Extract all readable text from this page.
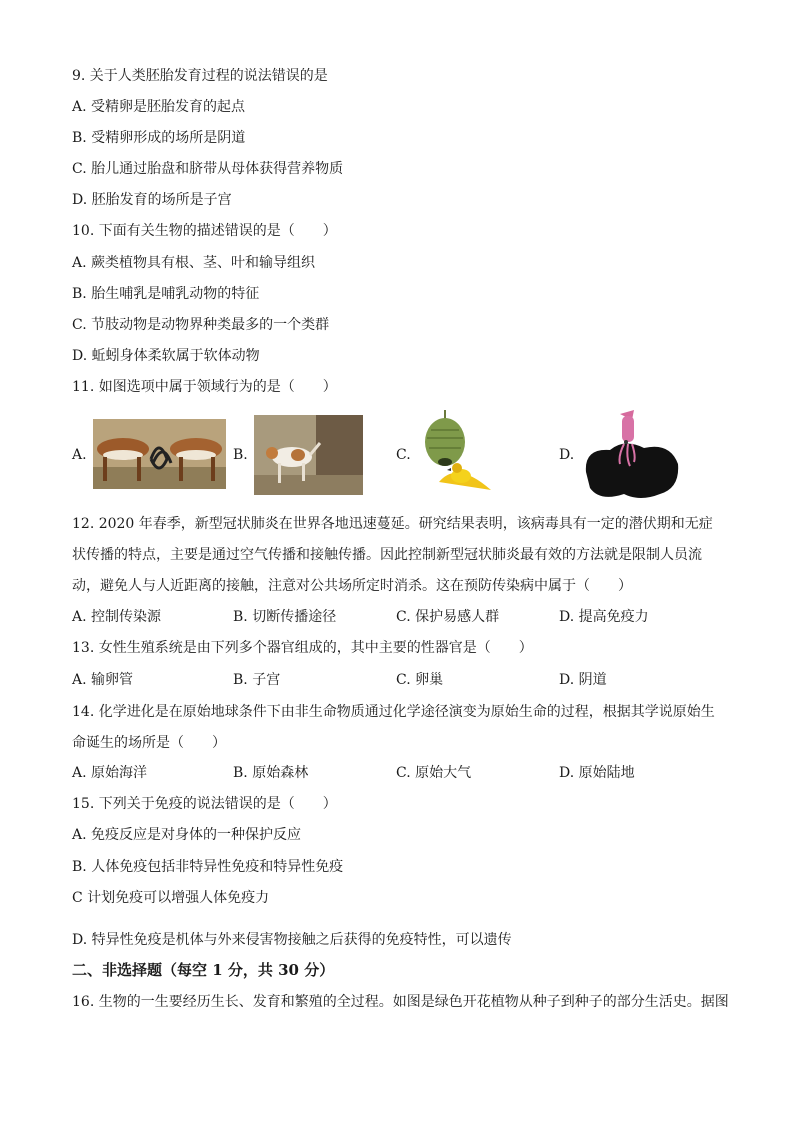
9. 关于人类胚胎发育过程的说法错误的是
A. 受精卵是胚胎发育的起点
B. 受精卵形成的场所是阴道
C. 胎儿通过胎盘和脐带从母体获得营养物质
D. 胚胎发育的场所是子宫
10. 下面有关生物的描述错误的是（　　）
A. 蕨类植物具有根、茎、叶和输导组织
B. 胎生哺乳是哺乳动物的特征
C. 节肢动物是动物界种类最多的一个类群
D. 蚯蚓身体柔软属于软体动物
11. 如图选项中属于领域行为的是（　　）
A.	B.	C.	D.
12. 2020 年春季，新型冠状肺炎在世界各地迅速蔓延。研究结果表明，该病毒具有一定的潜伏期和无症状传播的特点，主要是通过空气传播和接触传播。因此控制新型冠状肺炎最有效的方法就是限制人员流动，避免人与人近距离的接触，注意对公共场所定时消杀。这在预防传染病中属于（　　）
A. 控制传染源	B. 切断传播途径	C. 保护易感人群	D. 提高免疫力
13. 女性生殖系统是由下列多个器官组成的，其中主要的性器官是（　　）
A. 输卵管	B. 子宫	C. 卵巢	D. 阴道
14. 化学进化是在原始地球条件下由非生命物质通过化学途径演变为原始生命的过程，根据其学说原始生命诞生的场所是（　　）
A. 原始海洋	B. 原始森林	C. 原始大气	D. 原始陆地
15. 下列关于免疫的说法错误的是（　　）
A. 免疫反应是对身体的一种保护反应
B. 人体免疫包括非特异性免疫和特异性免疫
C 计划免疫可以增强人体免疫力
D. 特异性免疫是机体与外来侵害物接触之后获得的免疫特性，可以遗传
二、非选择题（每空 1 分，共 30 分）
16. 生物的一生要经历生长、发育和繁殖的全过程。如图是绿色开花植物从种子到种子的部分生活史。据图
